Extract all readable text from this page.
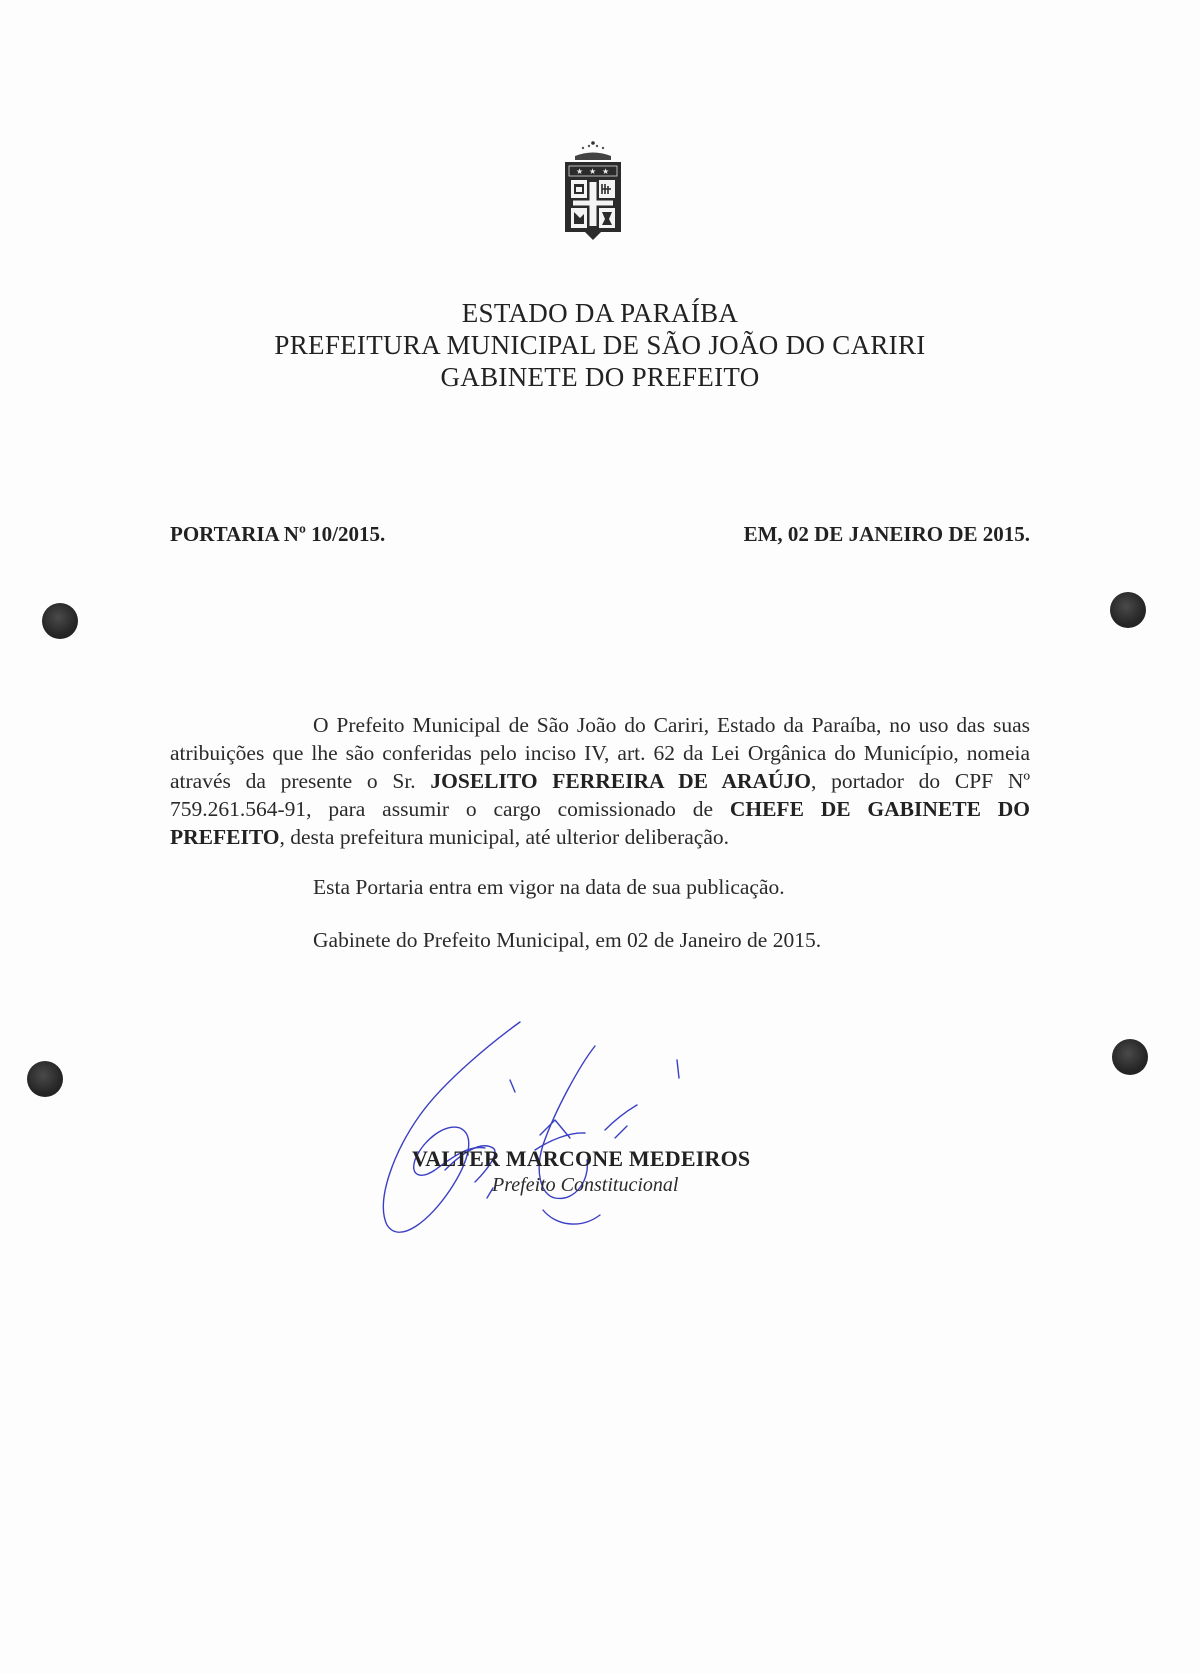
★ ★ ★
ESTADO DA PARAÍBA
PREFEITURA MUNICIPAL DE SÃO JOÃO DO CARIRI
GABINETE DO PREFEITO
PORTARIA Nº 10/2015.	EM, 02 DE JANEIRO DE 2015.
O Prefeito Municipal de São João do Cariri, Estado da Paraíba, no uso das suas atribuições que lhe são conferidas pelo inciso IV, art. 62 da Lei Orgânica do Município, nomeia através da presente o Sr. JOSELITO FERREIRA DE ARAÚJO, portador do CPF Nº 759.261.564-91, para assumir o cargo comissionado de CHEFE DE GABINETE DO PREFEITO, desta prefeitura municipal, até ulterior deliberação.
Esta Portaria entra em vigor na data de sua publicação.
Gabinete do Prefeito Municipal, em 02 de Janeiro de 2015.
VALTER MARCONE MEDEIROS
Prefeito Constitucional
